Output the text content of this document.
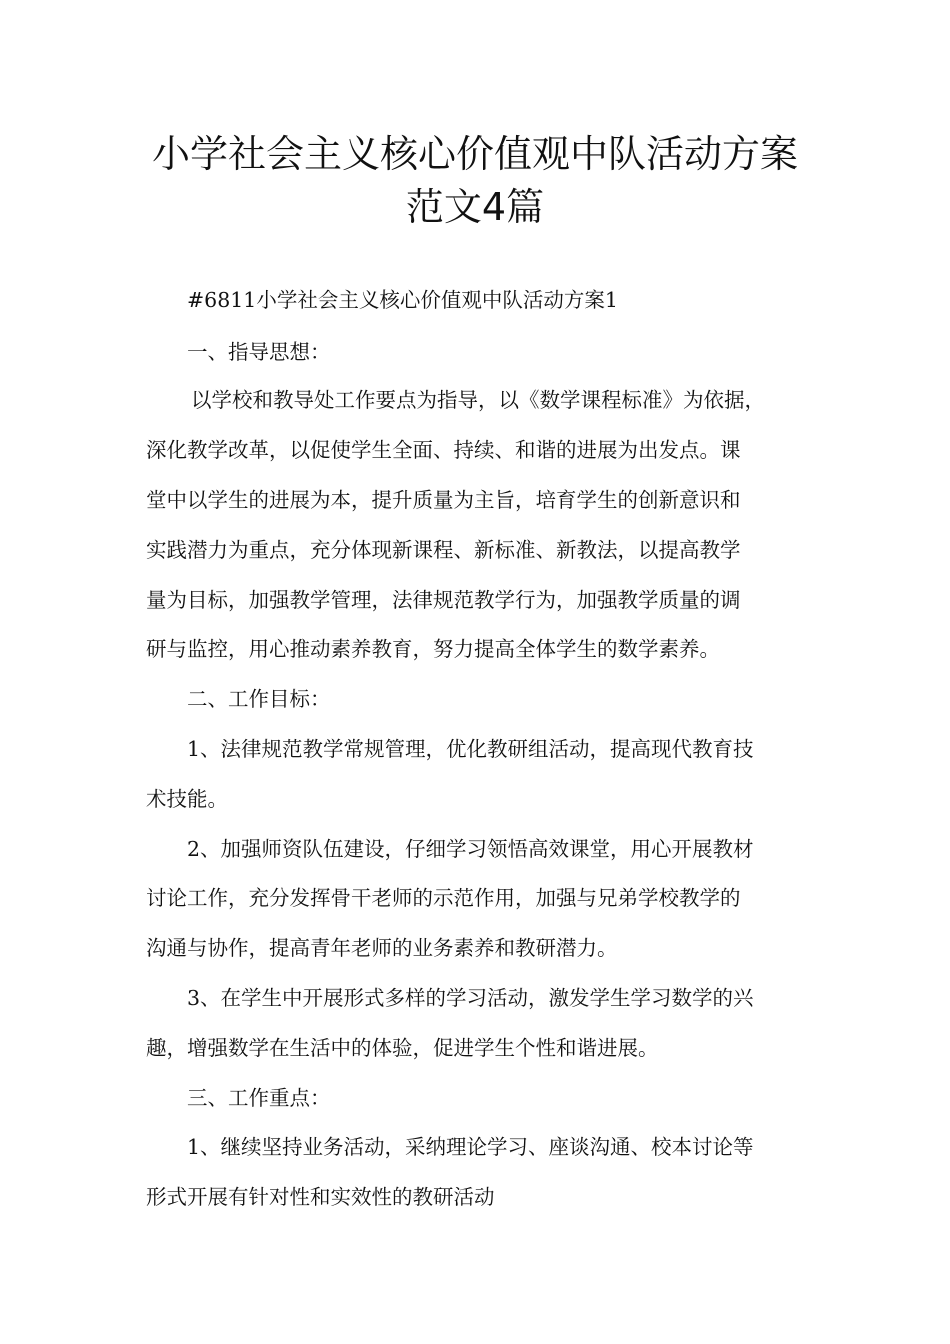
小学社会主义核心价值观中队活动方案
范文4篇
#6811小学社会主义核心价值观中队活动方案1
一、指导思想：
以学校和教导处工作要点为指导，以《数学课程标准》为依据，
深化教学改革，以促使学生全面、持续、和谐的进展为出发点。课
堂中以学生的进展为本，提升质量为主旨，培育学生的创新意识和
实践潜力为重点，充分体现新课程、新标准、新教法，以提高教学
量为目标，加强教学管理，法律规范教学行为，加强教学质量的调
研与监控，用心推动素养教育，努力提高全体学生的数学素养。
二、工作目标：
1、法律规范教学常规管理，优化教研组活动，提高现代教育技
术技能。
2、加强师资队伍建设，仔细学习领悟高效课堂，用心开展教材
讨论工作，充分发挥骨干老师的示范作用，加强与兄弟学校教学的
沟通与协作，提高青年老师的业务素养和教研潜力。
3、在学生中开展形式多样的学习活动，激发学生学习数学的兴
趣，增强数学在生活中的体验，促进学生个性和谐进展。
三、工作重点：
1、继续坚持业务活动，采纳理论学习、座谈沟通、校本讨论等
形式开展有针对性和实效性的教研活动
